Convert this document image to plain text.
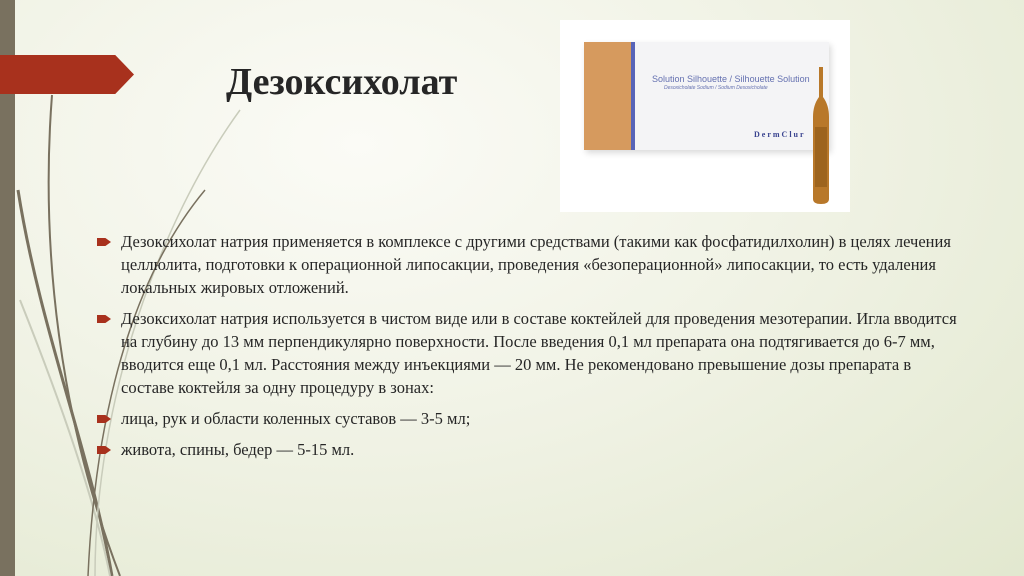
Дезоксихолат	Solution Silhouette / Silhouette Solution
Desoxicholate Sodium / Sodium Desoxicholate
DermClur
Дезоксихолат натрия применяется в комплексе с другими средствами (такими как фосфатидилхолин) в целях лечения целлюлита, подготовки к операционной липосакции, проведения «безоперационной» липосакции, то есть удаления локальных жировых отложений.
Дезоксихолат натрия используется в чистом виде или в составе коктейлей для проведения мезотерапии. Игла вводится на глубину до 13 мм перпендикулярно поверхности. После введения 0,1 мл препарата она подтягивается до 6-7 мм, вводится еще 0,1 мл. Расстояния между инъекциями — 20 мм. Не рекомендовано превышение дозы препарата в составе коктейля за одну процедуру в зонах:
лица, рук и области коленных суставов — 3-5 мл;
живота, спины, бедер — 5-15 мл.
